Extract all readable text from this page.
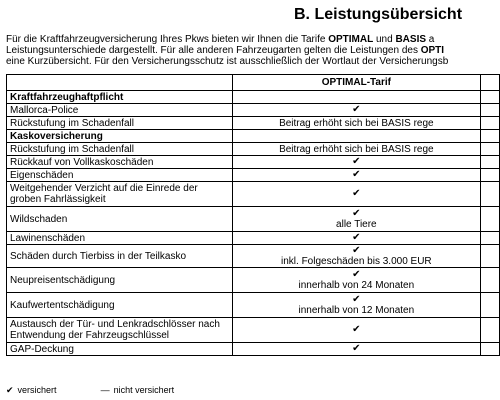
B. Leistungsübersicht
Für die Kraftfahrzeugversicherung Ihres Pkws bieten wir Ihnen die Tarife OPTIMAL und BASIS a
Leistungsunterschiede dargestellt. Für alle anderen Fahrzeugarten gelten die Leistungen des OPTI
eine Kurzübersicht. Für den Versicherungsschutz ist ausschließlich der Wortlaut der Versicherungsb
	OPTIMAL-Tarif	
Kraftfahrzeughaftpflicht		
Mallorca-Police	✔	

Rückstufung im Schadenfall	Beitrag erhöht sich bei BASIS rege	

Kaskoversicherung		
Rückstufung im Schadenfall	Beitrag erhöht sich bei BASIS rege	

Rückkauf von Vollkaskoschäden	✔	

Eigenschäden	✔	

Weitgehender Verzicht auf die Einrede der groben Fahrlässigkeit	✔	

Wildschaden	✔
alle Tiere	

Lawinenschäden	✔	

Schäden durch Tierbiss in der Teilkasko	✔
inkl. Folgeschäden bis 3.000 EUR	

Neupreisentschädigung	✔
innerhalb von 24 Monaten	

Kaufwertentschädigung	✔
innerhalb von 12 Monaten	

Austausch der Tür- und Lenkradschlösser nach Entwendung der Fahrzeugschlüssel	✔	

GAP-Deckung	✔	

✔ versichert	— nicht versichert
